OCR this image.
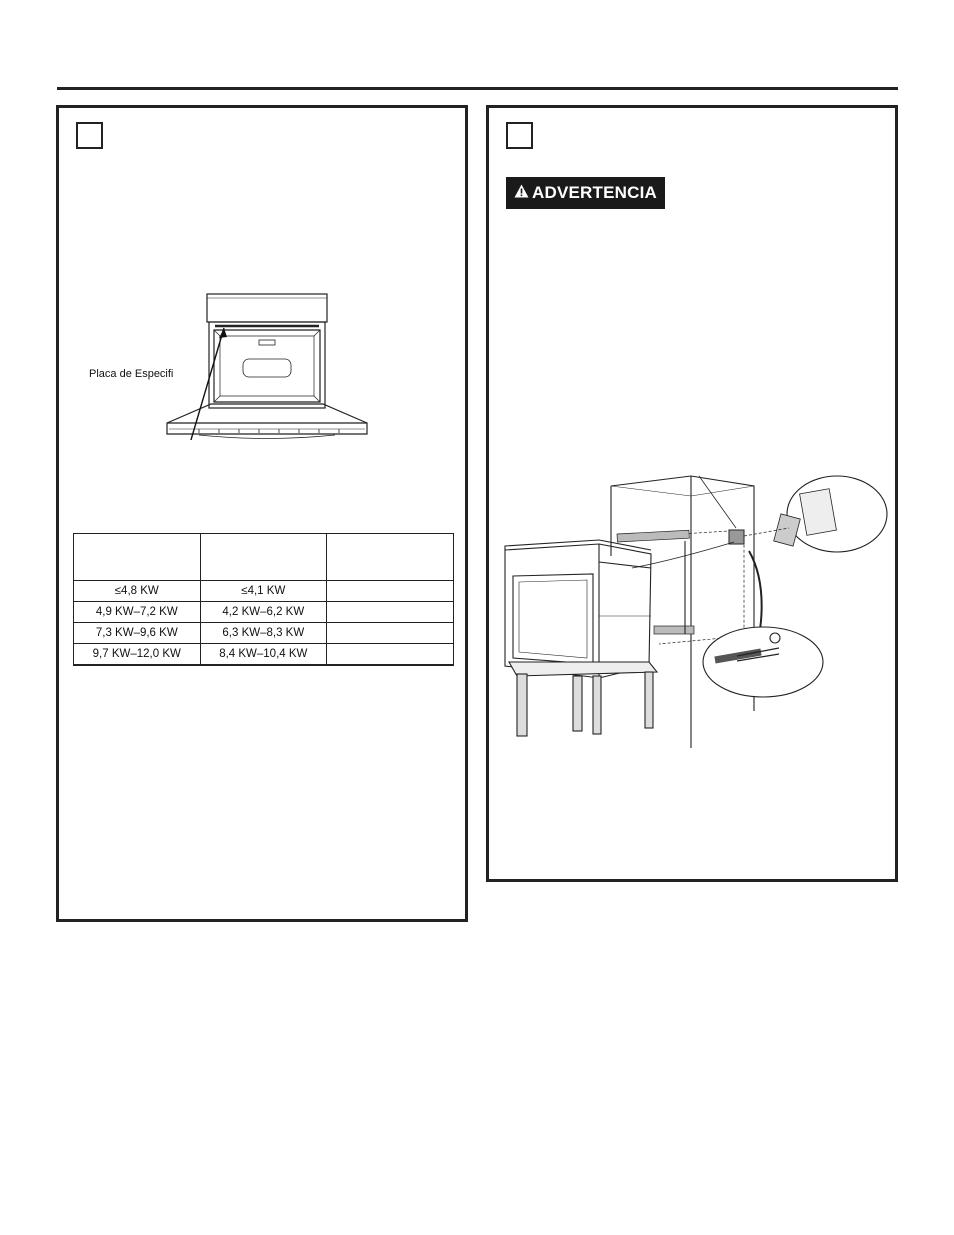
Placa de Especifi

≤4,8 KW	≤4,1 KW	
4,9 KW–7,2 KW	4,2 KW–6,2 KW	
7,3 KW–9,6 KW	6,3 KW–8,3 KW	
9,7 KW–12,0 KW	8,4 KW–10,4 KW	
ADVERTENCIA
